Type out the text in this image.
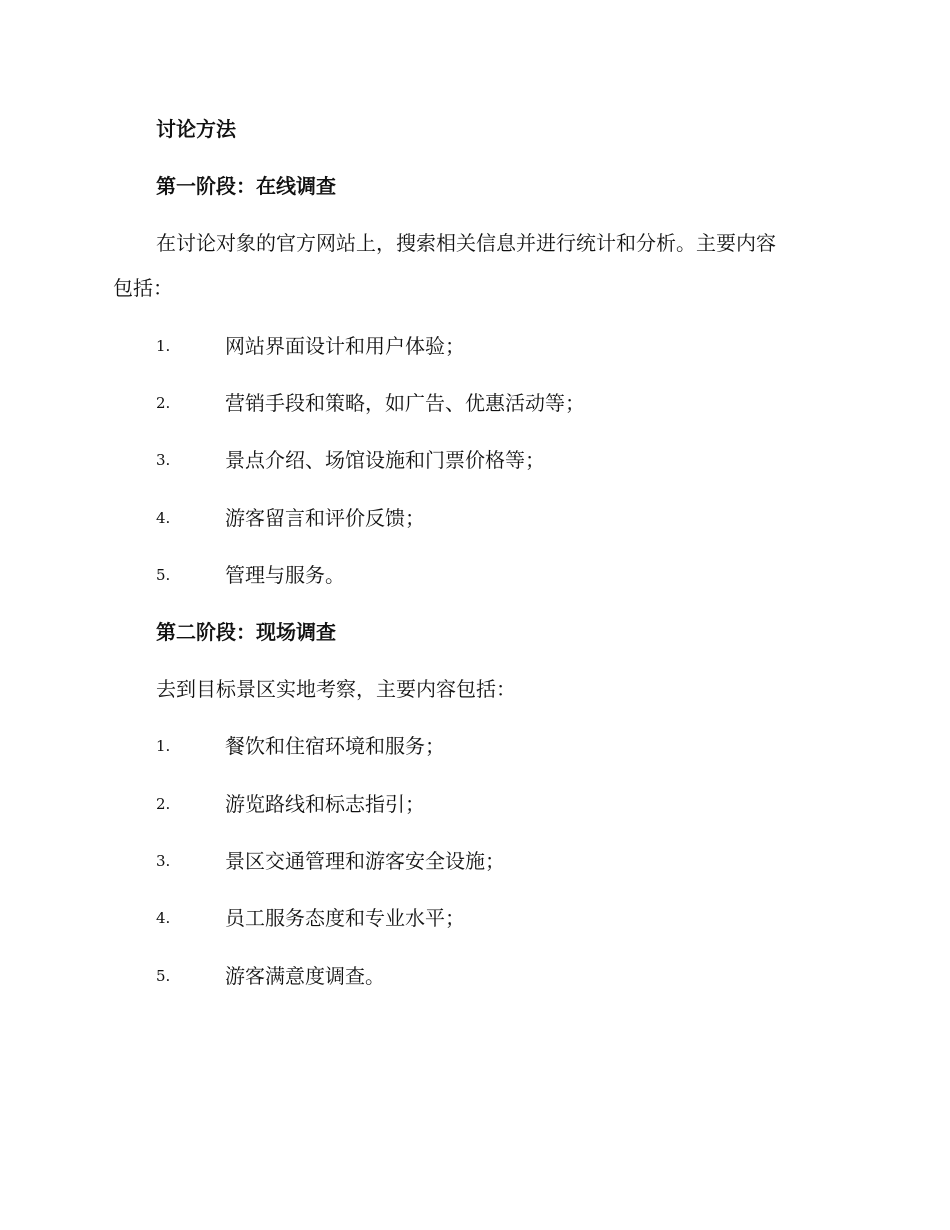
讨论方法
第一阶段：在线调查
在讨论对象的官方网站上，搜索相关信息并进行统计和分析。主要内容
包括：
1.	网站界面设计和用户体验；
2.	营销手段和策略，如广告、优惠活动等；
3.	景点介绍、场馆设施和门票价格等；
4.	游客留言和评价反馈；
5.	管理与服务。
第二阶段：现场调查
去到目标景区实地考察，主要内容包括：
1.	餐饮和住宿环境和服务；
2.	游览路线和标志指引；
3.	景区交通管理和游客安全设施；
4.	员工服务态度和专业水平；
5.	游客满意度调查。
